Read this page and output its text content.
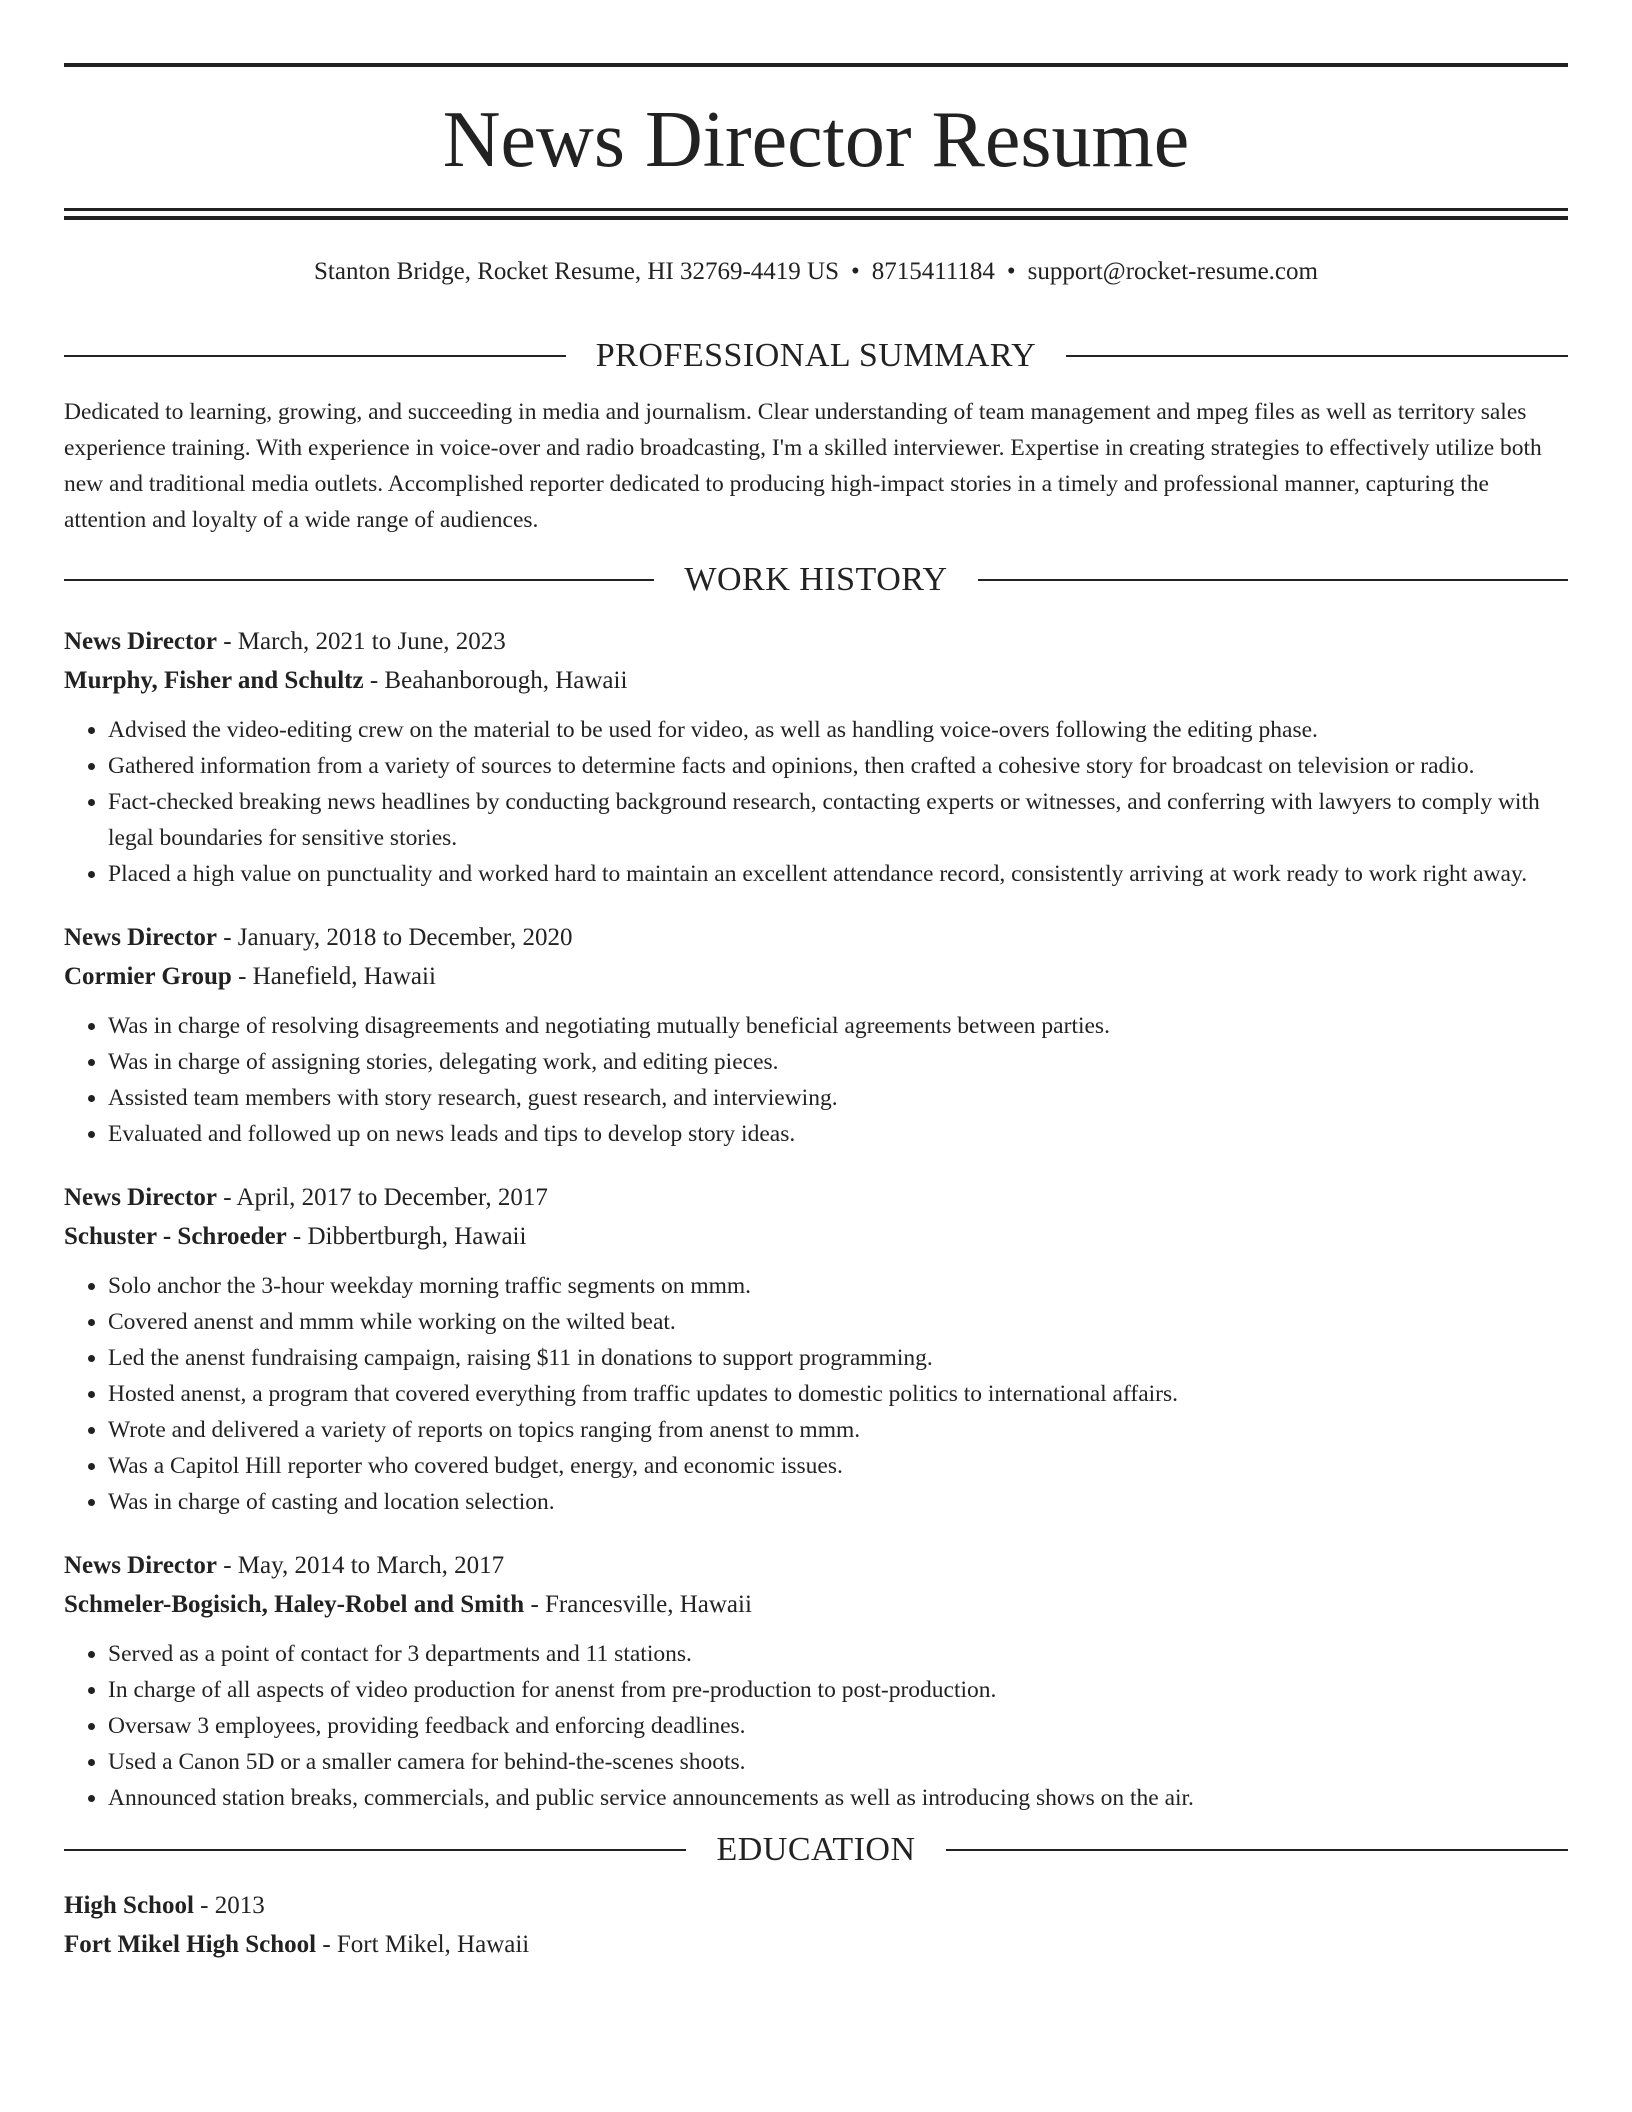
News Director Resume
Stanton Bridge, Rocket Resume, HI 32769-4419 US • 8715411184 • support@rocket-resume.com
PROFESSIONAL SUMMARY

Dedicated to learning, growing, and succeeding in media and journalism. Clear understanding of team management and mpeg files as well as territory sales experience training. With experience in voice-over and radio broadcasting, I'm a skilled interviewer. Expertise in creating strategies to effectively utilize both new and traditional media outlets. Accomplished reporter dedicated to producing high-impact stories in a timely and professional manner, capturing the attention and loyalty of a wide range of audiences.

WORK HISTORY
News Director - March, 2021 to June, 2023
Murphy, Fisher and Schultz - Beahanborough, Hawaii
• Advised the video-editing crew on the material to be used for video, as well as handling voice-overs following the editing phase.
• Gathered information from a variety of sources to determine facts and opinions, then crafted a cohesive story for broadcast on television or radio.
• Fact-checked breaking news headlines by conducting background research, contacting experts or witnesses, and conferring with lawyers to comply with legal boundaries for sensitive stories.
• Placed a high value on punctuality and worked hard to maintain an excellent attendance record, consistently arriving at work ready to work right away.
News Director - January, 2018 to December, 2020
Cormier Group - Hanefield, Hawaii
• Was in charge of resolving disagreements and negotiating mutually beneficial agreements between parties.
• Was in charge of assigning stories, delegating work, and editing pieces.
• Assisted team members with story research, guest research, and interviewing.
• Evaluated and followed up on news leads and tips to develop story ideas.
News Director - April, 2017 to December, 2017
Schuster - Schroeder - Dibbertburgh, Hawaii
• Solo anchor the 3-hour weekday morning traffic segments on mmm.
• Covered anenst and mmm while working on the wilted beat.
• Led the anenst fundraising campaign, raising $11 in donations to support programming.
• Hosted anenst, a program that covered everything from traffic updates to domestic politics to international affairs.
• Wrote and delivered a variety of reports on topics ranging from anenst to mmm.
• Was a Capitol Hill reporter who covered budget, energy, and economic issues.
• Was in charge of casting and location selection.
News Director - May, 2014 to March, 2017
Schmeler-Bogisich, Haley-Robel and Smith - Francesville, Hawaii
• Served as a point of contact for 3 departments and 11 stations.
• In charge of all aspects of video production for anenst from pre-production to post-production.
• Oversaw 3 employees, providing feedback and enforcing deadlines.
• Used a Canon 5D or a smaller camera for behind-the-scenes shoots.
• Announced station breaks, commercials, and public service announcements as well as introducing shows on the air.
EDUCATION
High School - 2013
Fort Mikel High School - Fort Mikel, Hawaii
